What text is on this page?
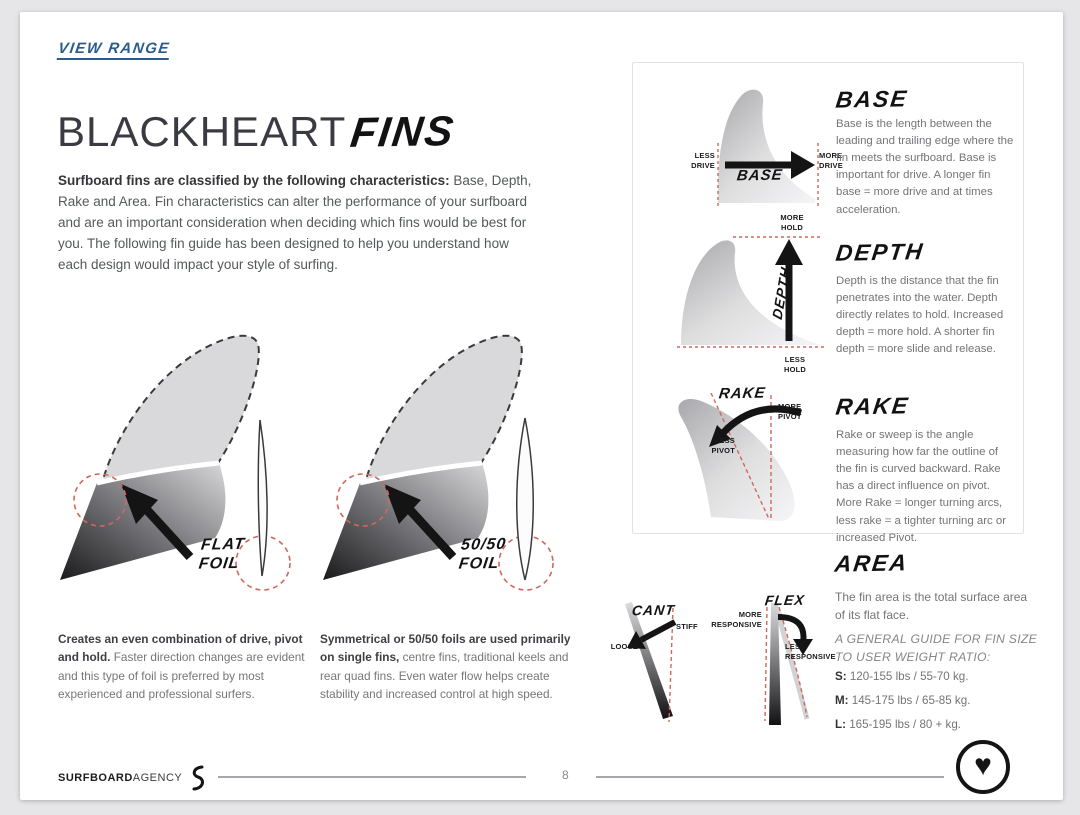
VIEW RANGE
BLACKHEART FINS

Surfboard fins are classified by the following characteristics: Base, Depth, Rake and Area. Fin characteristics can alter the performance of your surfboard and are an important consideration when deciding which fins would be best for you. The following fin guide has been designed to help you understand how each design would impact your style of surfing.

FLAT FOIL
50/50 FOIL

Creates an even combination of drive, pivot and hold. Faster direction changes are evident and this type of foil is preferred by most experienced and professional surfers.

Symmetrical or 50/50 foils are used primarily on single fins, centre fins, traditional keels and rear quad fins. Even water flow helps create stability and increased control at high speed.

LESS DRIVE
MORE DRIVE
BASE
BASE

Base is the length between the leading and trailing edge where the fin meets the surfboard. Base is important for drive. A longer fin base = more drive and at times acceleration.

MORE HOLD
DEPTH
LESS HOLD
DEPTH

Depth is the distance that the fin penetrates into the water. Depth directly relates to hold. Increased depth = more hold. A shorter fin depth = more slide and release.

RAKE
MORE PIVOT
LESS PIVOT
RAKE

Rake or sweep is the angle measuring how far the outline of the fin is curved backward. Rake has a direct influence on pivot. More Rake = longer turning arcs, less rake = a tighter turning arc or increased Pivot.

AREA

The fin area is the total surface area of its flat face.

A GENERAL GUIDE FOR FIN SIZE TO USER WEIGHT RATIO:

S: 120-155 lbs / 55-70 kg.
M: 145-175 lbs / 65-85 kg.
L: 165-195 lbs / 80 + kg.
CANT
STIFF
LOOSE
FLEX
MORE RESPONSIVE
LESS RESPONSIVE
SURFBOARDAGENCY	8	♥
